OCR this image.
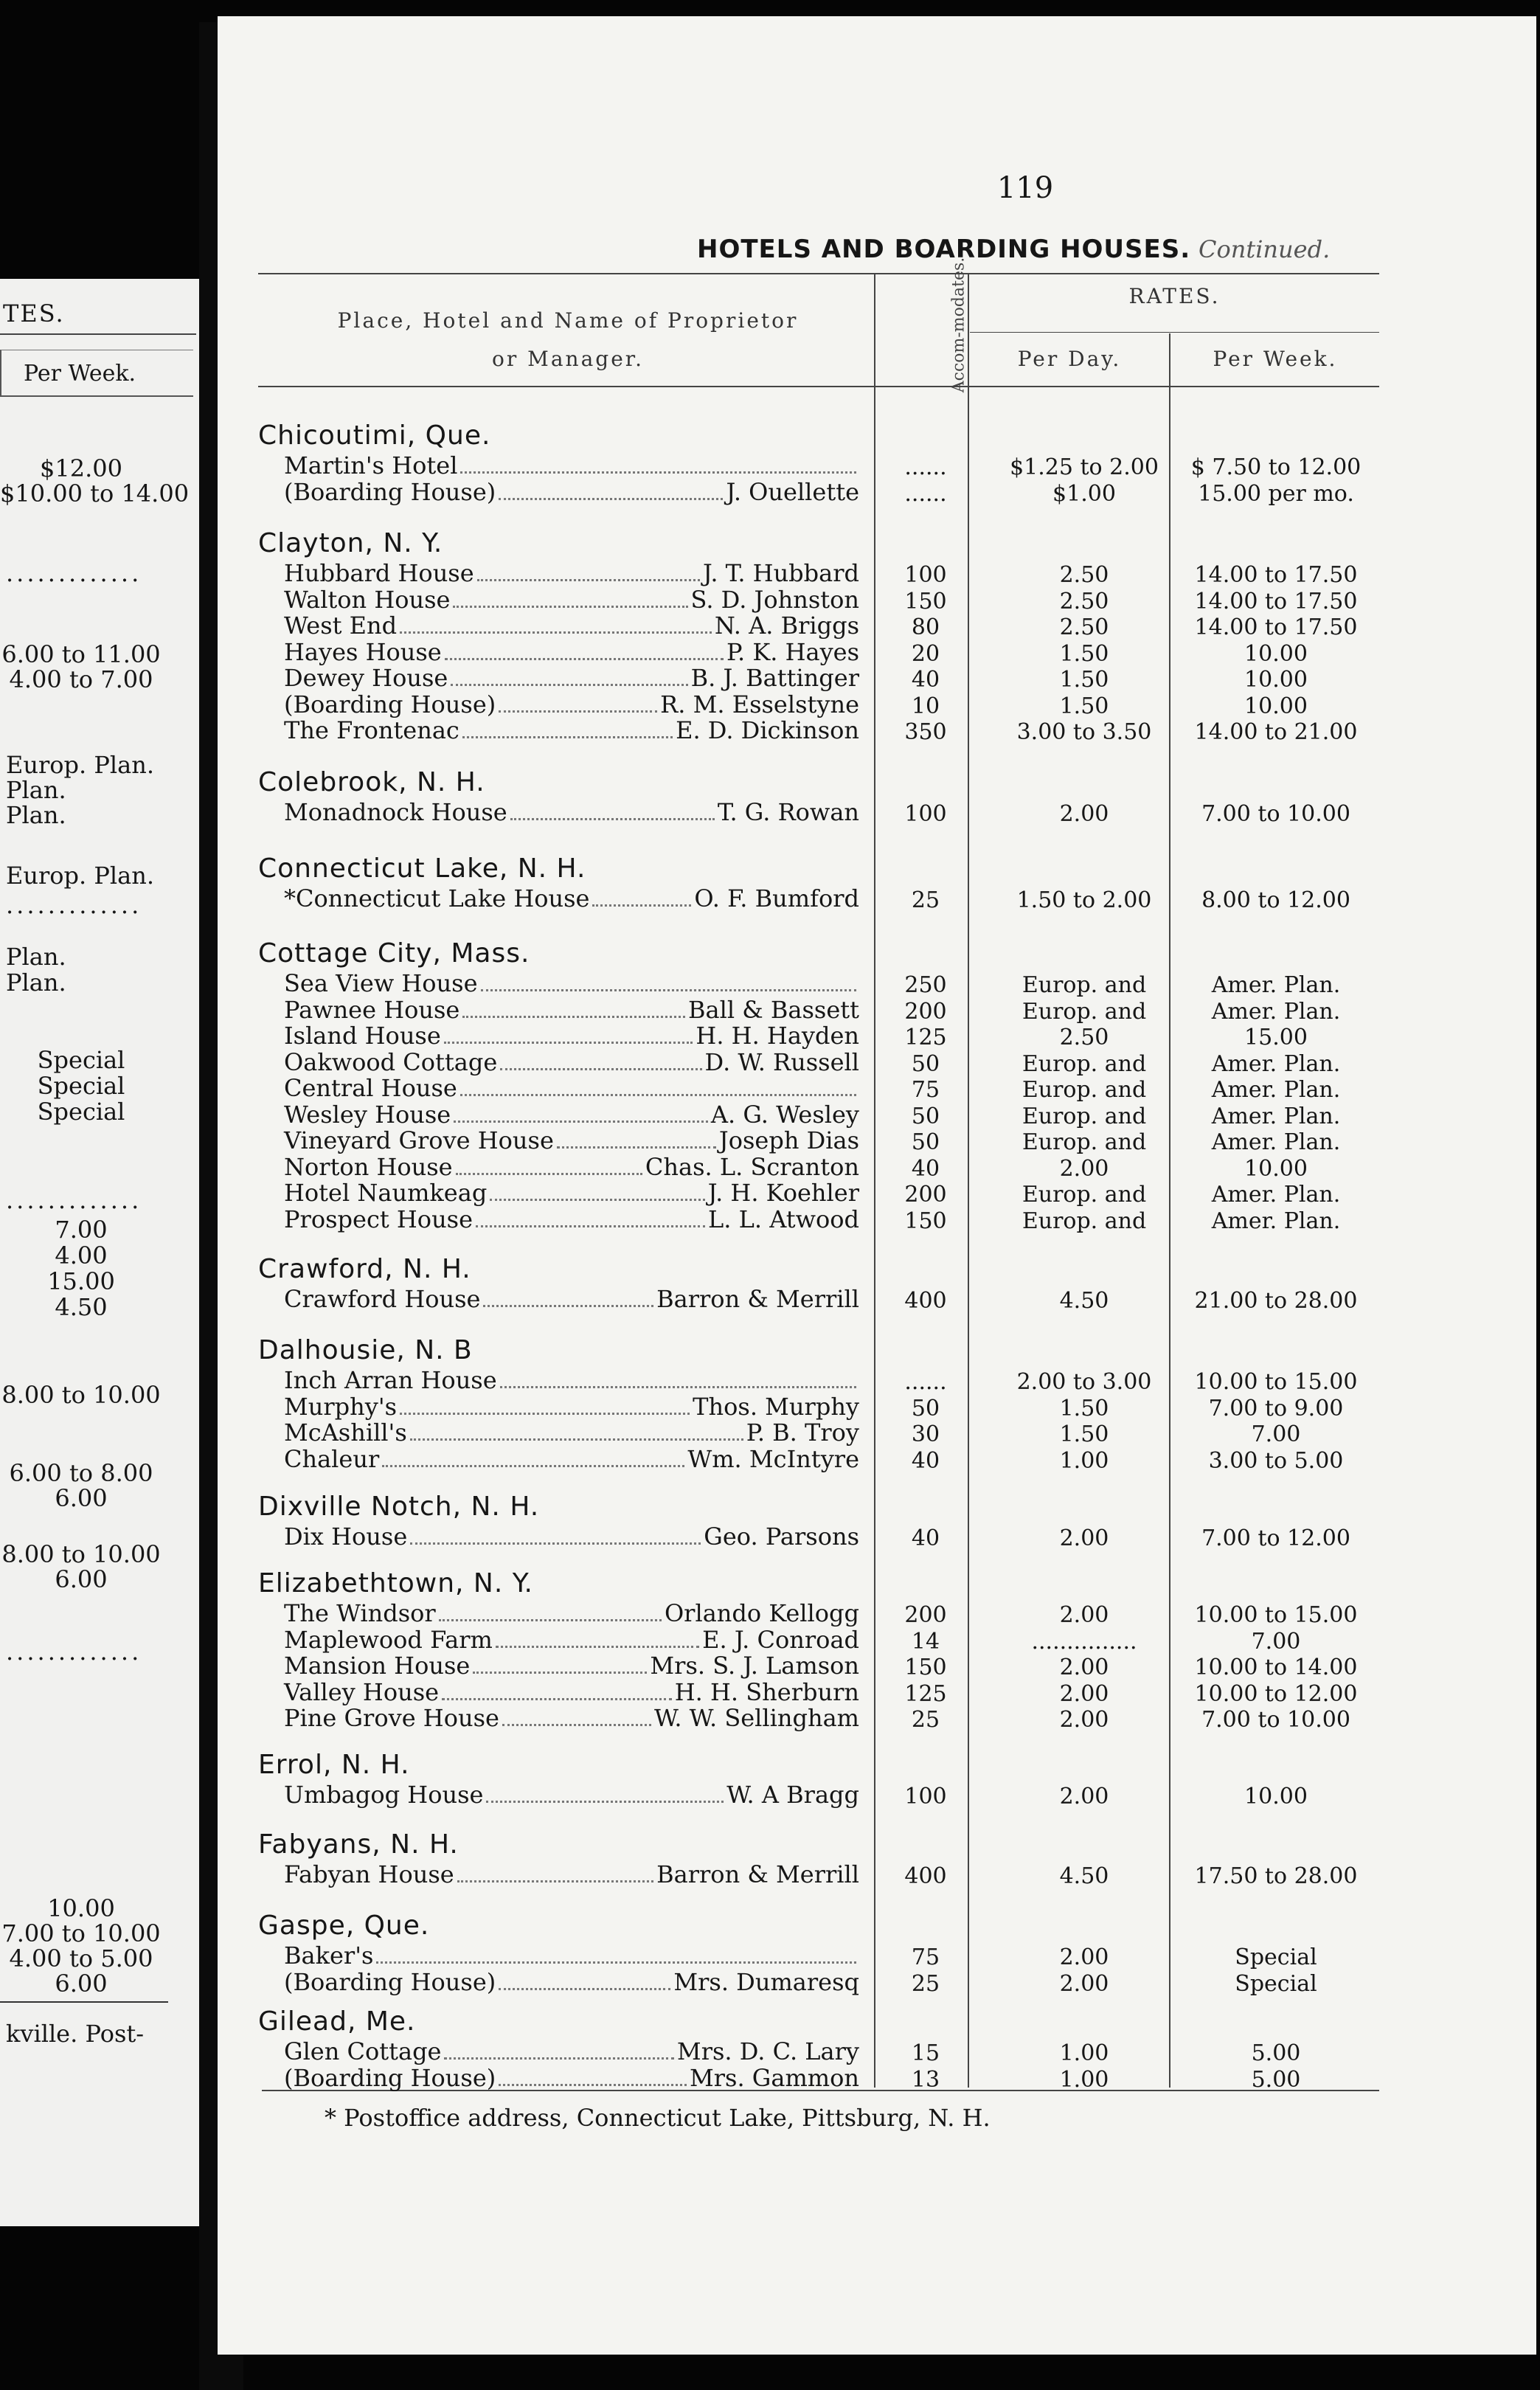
TES.
Per Week.
$12.00
$10.00 to 14.00
.............
6.00 to 11.00
4.00 to 7.00
Europ. Plan.
Plan.
Plan.
Europ. Plan.
.............
Plan.
Plan.
Special
Special
Special
.............
7.00
4.00
15.00
4.50
8.00 to 10.00
6.00 to 8.00
6.00
8.00 to 10.00
6.00
.............
10.00
7.00 to 10.00
4.00 to 5.00
6.00
kville. Post-
119
HOTELS AND BOARDING HOUSES. Continued.
Place, Hotel and Name of Proprietor
or Manager.	Accom-modates.	RATES.
Per Day.	Per Week.
Chicoutimi, Que.
Martin's Hotel	......	$1.25 to 2.00	$ 7.50 to 12.00
(Boarding House)	J. Ouellette	......	$1.00	15.00 per mo.
Clayton, N. Y.
Hubbard House	J. T. Hubbard	100	2.50	14.00 to 17.50
Walton House	S. D. Johnston	150	2.50	14.00 to 17.50
West End	N. A. Briggs	80	2.50	14.00 to 17.50
Hayes House	P. K. Hayes	20	1.50	10.00
Dewey House	B. J. Battinger	40	1.50	10.00
(Boarding House)	R. M. Esselstyne	10	1.50	10.00
The Frontenac	E. D. Dickinson	350	3.00 to 3.50	14.00 to 21.00
Colebrook, N. H.
Monadnock House	T. G. Rowan	100	2.00	7.00 to 10.00
Connecticut Lake, N. H.
*Connecticut Lake House	O. F. Bumford	25	1.50 to 2.00	8.00 to 12.00
Cottage City, Mass.
Sea View House	250	Europ. and	Amer. Plan.
Pawnee House	Ball & Bassett	200	Europ. and	Amer. Plan.
Island House	H. H. Hayden	125	2.50	15.00
Oakwood Cottage	D. W. Russell	50	Europ. and	Amer. Plan.
Central House	75	Europ. and	Amer. Plan.
Wesley House	A. G. Wesley	50	Europ. and	Amer. Plan.
Vineyard Grove House	Joseph Dias	50	Europ. and	Amer. Plan.
Norton House	Chas. L. Scranton	40	2.00	10.00
Hotel Naumkeag	J. H. Koehler	200	Europ. and	Amer. Plan.
Prospect House	L. L. Atwood	150	Europ. and	Amer. Plan.
Crawford, N. H.
Crawford House	Barron & Merrill	400	4.50	21.00 to 28.00
Dalhousie, N. B
Inch Arran House	......	2.00 to 3.00	10.00 to 15.00
Murphy's	Thos. Murphy	50	1.50	7.00 to 9.00
McAshill's	P. B. Troy	30	1.50	7.00
Chaleur	Wm. McIntyre	40	1.00	3.00 to 5.00
Dixville Notch, N. H.
Dix House	Geo. Parsons	40	2.00	7.00 to 12.00
Elizabethtown, N. Y.
The Windsor	Orlando Kellogg	200	2.00	10.00 to 15.00
Maplewood Farm	E. J. Conroad	14	...............	7.00
Mansion House	Mrs. S. J. Lamson	150	2.00	10.00 to 14.00
Valley House	H. H. Sherburn	125	2.00	10.00 to 12.00
Pine Grove House	W. W. Sellingham	25	2.00	7.00 to 10.00
Errol, N. H.
Umbagog House	W. A Bragg	100	2.00	10.00
Fabyans, N. H.
Fabyan House	Barron & Merrill	400	4.50	17.50 to 28.00
Gaspe, Que.
Baker's	75	2.00	Special
(Boarding House)	Mrs. Dumaresq	25	2.00	Special
Gilead, Me.
Glen Cottage	Mrs. D. C. Lary	15	1.00	5.00
(Boarding House)	Mrs. Gammon	13	1.00	5.00
* Postoffice address, Connecticut Lake, Pittsburg, N. H.
